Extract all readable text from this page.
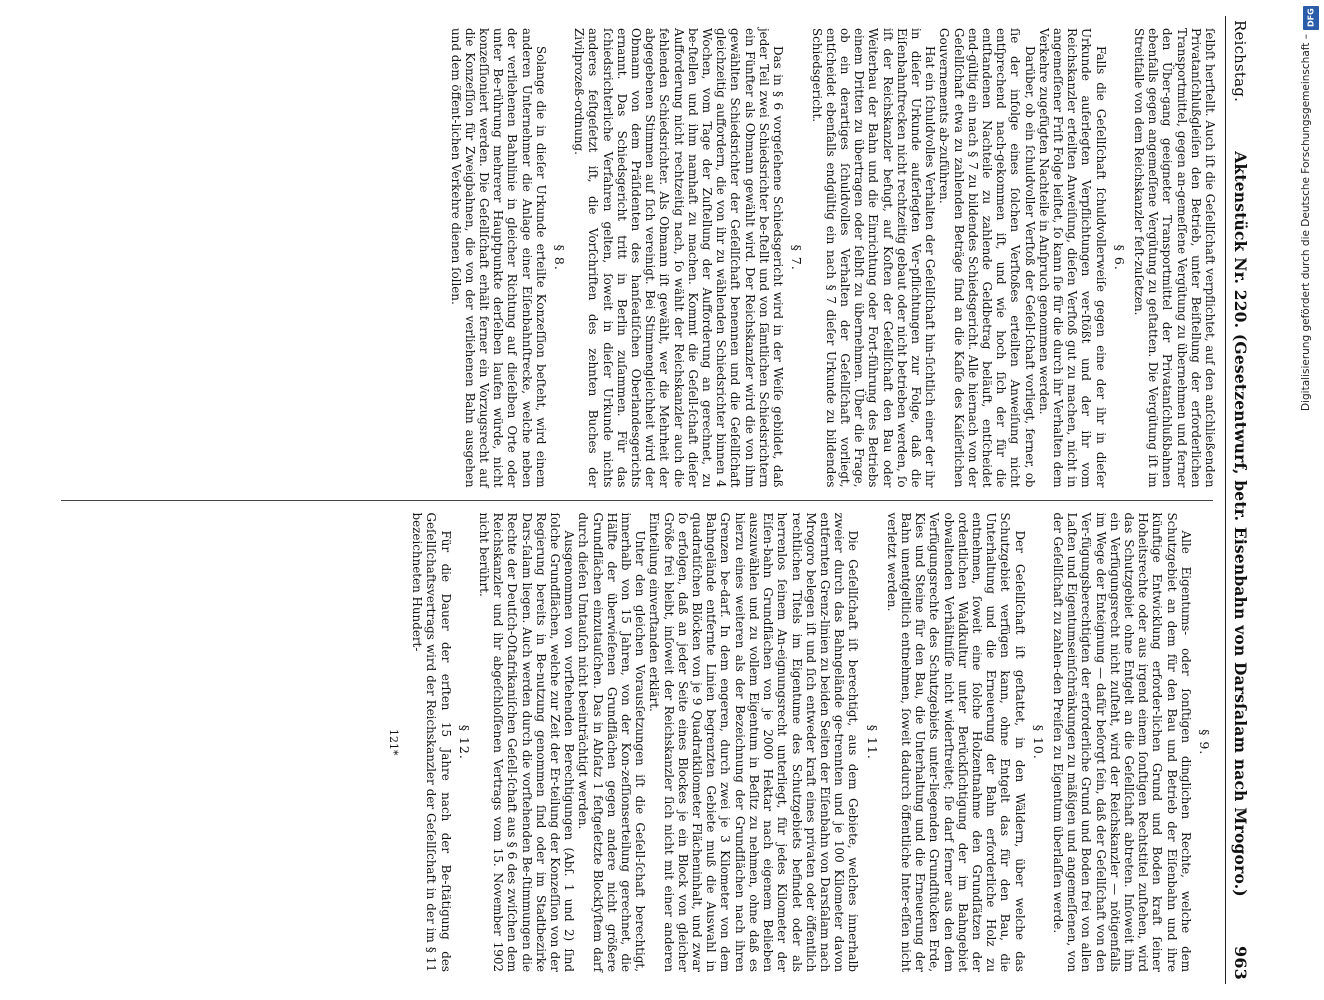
Reichstag.
Aktenstück Nr. 220. (Gesetzentwurf, betr. Eisenbahn von Darsſalam nach Mrogoro.)
963
ſelbſt herſtellt. Auch iſt die Geſellſchaft verpflichtet, auf den anſchließenden Privatanſchlußgleiſen den Betrieb, unter Beiſtellung der erforderlichen Transportmittel, gegen an‑gemeſſene Vergütung zu übernehmen und ferner den Über‑gang geeigneter Transportmittel der Privatanſchlußbahnen ebenfalls gegen angemeſſene Vergütung zu geſtatten. Die Vergütung iſt im Streitfalle von dem Reichskanzler feſt‑zuſetzen.
§ 6.
Falls die Geſellſchaft ſchuldvollerweiſe gegen eine der ihr in dieſer Urkunde auferlegten Verpflichtungen ver‑ſtößt und der ihr vom Reichskanzler erteilten Anweiſung, dieſen Verſtoß gut zu machen, nicht in angemeſſener Friſt Folge leiſtet, ſo kann ſie für die durch ihr Verhalten dem Verkehre zugefügten Nachteile in Anſpruch genommen werden.
Darüber, ob ein ſchuldvoller Verſtoß der Geſell‑ſchaft vorliegt, ferner, ob ſie der infolge eines ſolchen Verſtoßes erteilten Anweiſung nicht entſprechend nach‑gekommen iſt, und wie hoch ſich der für die entſtandenen Nachteile zu zahlende Geldbetrag beläuft, entſcheidet end‑gültig ein nach § 7 zu bildendes Schiedsgericht. Alle hiernach von der Geſellſchaft etwa zu zahlenden Beträge ſind an die Kaſſe des Kaiſerlichen Gouvernements ab‑zuführen.
Hat ein ſchuldvolles Verhalten der Geſellſchaft hin‑ſichtlich einer der ihr in dieſer Urkunde auferlegten Ver‑pflichtungen zur Folge, daß die Eiſenbahnſtrecken nicht rechtzeitig gebaut oder nicht betrieben werden, ſo iſt der Reichskanzler befugt, auf Koſten der Geſellſchaft den Bau oder Weiterbau der Bahn und die Einrichtung oder Fort‑führung des Betriebs einem Dritten zu übertragen oder ſelbſt zu übernehmen. Über die Frage, ob ein derartiges ſchuldvolles Verhalten der Geſellſchaft vorliegt, entſcheidet ebenfalls endgültig ein nach § 7 dieſer Urkunde zu bildendes Schiedsgericht.
§ 7.
Das in § 6 vorgeſehene Schiedsgericht wird in der Weiſe gebildet, daß jeder Teil zwei Schiedsrichter be‑ſtellt und von ſämtlichen Schiedsrichtern ein Fünfter als Obmann gewählt wird. Der Reichskanzler wird die von ihm gewählten Schiedsrichter der Geſellſchaft benennen und die Geſellſchaft gleichzeitig auffordern, die von ihr zu wählenden Schiedsrichter binnen 4 Wochen, vom Tage der Zuſtellung der Aufforderung an gerechnet, zu be‑ſtellen und ihm namhaft zu machen. Kommt die Geſell‑ſchaft dieſer Aufforderung nicht rechtzeitig nach, ſo wählt der Reichskanzler auch die fehlenden Schiedsrichter. Als Obmann iſt gewählt, wer die Mehrheit der abgegebenen Stimmen auf ſich vereinigt. Bei Stimmengleichheit wird der Obmann von dem Präſidenten des hanſeatiſchen Oberlandesgerichts ernannt. Das Schiedsgericht tritt in Berlin zuſammen. Für das ſchiedsrichterliche Verfahren gelten, ſoweit in dieſer Urkunde nichts anderes feſtgeſetzt iſt, die Vorſchriften des zehnten Buches der Zivilprozeß‑ordnung.
§ 8.
Solange die in dieſer Urkunde erteilte Konzeſſion beſteht, wird einem anderen Unternehmer die Anlage einer Eiſenbahnſtrecke, welche neben der verliehenen Bahnlinie in gleicher Richtung auf dieſelben Orte oder unter Be‑rührung mehrerer Hauptpunkte derſelben laufen würde, nicht konzeſſioniert werden. Die Geſellſchaft erhält ferner ein Vorzugsrecht auf die Konzeſſion für Zweigbahnen, die von der verliehenen Bahn ausgehen und dem öffent‑lichen Verkehre dienen ſollen.
§ 9.
Alle Eigentums‑ oder ſonſtigen dinglichen Rechte, welche dem Schutzgebiet an dem für den Bau und Betrieb der Eiſenbahn und ihre künftige Entwicklung erforder‑lichen Grund und Boden kraft ſeiner Hoheitsrechte oder aus irgend einem ſonſtigen Rechtstitel zuſtehen, wird das Schutzgebiet ohne Entgelt an die Geſellſchaft abtreten. Inſoweit ihm ein Verfügungsrecht nicht zuſteht, wird der Reichskanzler — nötigenfalls im Wege der Enteignung — dafür beſorgt ſein, daß der Geſellſchaft von den Ver‑fügungsberechtigten der erforderliche Grund und Boden frei von allen Laſten und Eigentumseinſchränkungen zu mäßigen und angemeſſenen, von der Geſellſchaft zu zahlen‑den Preiſen zu Eigentum überlaſſen werde.
§ 10.
Der Geſellſchaft iſt geſtattet, in den Wäldern, über welche das Schutzgebiet verfügen kann, ohne Entgelt das für den Bau, die Unterhaltung und die Erneuerung der Bahn erforderliche Holz zu entnehmen, ſoweit eine ſolche Holzentnahme den Grundſätzen der ordentlichen Waldkultur unter Berückſichtigung der im Bahngebiet obwaltenden Verhältniſſe nicht widerſtreitet; ſie darf ferner aus den dem Verfügungsrechte des Schutzgebiets unter‑liegenden Grundſtücken Erde, Kies und Steine für den Bau, die Unterhaltung und die Erneuerung der Bahn unentgeltlich entnehmen, ſoweit dadurch öffentliche Inter‑eſſen nicht verletzt werden.
§ 11.
Die Geſellſchaft iſt berechtigt, aus dem Gebiete, welches innerhalb zweier durch das Bahngelände ge‑trennten und je 100 Kilometer davon entfernten Grenz‑linien zu beiden Seiten der Eiſenbahn von Darsſalam nach Mrogoro belegen iſt und ſich entweder kraft eines privaten oder öffentlich rechtlichen Titels im Eigentume des Schutzgebiets befindet oder als herrenlos ſeinem An‑eignungsrecht unterliegt, für jedes Kilometer der Eiſen‑bahn Grundflächen von je 2000 Hektar nach eigenem Belieben auszuwählen und zu vollem Eigentum in Beſitz zu nehmen, ohne daß es hierzu eines weiteren als der Bezeichnung der Grundflächen nach ihren Grenzen be‑darf. In dem engeren, durch zwei je 3 Kilometer von dem Bahngelände entfernte Linien begrenzten Gebiete muß die Auswahl in quadratiſchen Blöcken von je 9 Quadratkilometer Flächeninhalt, und zwar ſo erfolgen, daß an jeder Seite eines Blockes je ein Block von gleicher Größe frei bleibt, inſoweit der Reichskanzler ſich nicht mit einer anderen Einteilung einverſtanden erklärt.
Unter den gleichen Vorausſetzungen iſt die Geſell‑ſchaft berechtigt, innerhalb von 15 Jahren, von der Kon‑zeſſionserteilung gerechnet, die Hälfte der überwieſenen Grundflächen gegen andere nicht größere Grundflächen einzutauſchen. Das in Abſatz 1 feſtgeſetzte Blockſyſtem darf durch dieſen Umtauſch nicht beeinträchtigt werden.
Ausgenommen von vorſtehenden Berechtigungen (Abſ. 1 und 2) ſind ſolche Grundflächen, welche zur Zeit der Er‑teilung der Konzeſſion von der Regierung bereits in Be‑nutzung genommen ſind oder im Stadtbezirke Dars‑ſalam liegen. Auch werden durch die vorſtehenden Be‑ſtimmungen die Rechte der Deutſch‑Oſtafrikaniſchen Geſell‑ſchaft aus § 6 des zwiſchen dem Reichskanzler und ihr abgeſchloſſenen Vertrags vom 15. November 1902 nicht berührt.
§ 12.
Für die Dauer der erſten 15 Jahre nach der Be‑ſtätigung des Geſellſchaftsvertrags wird der Reichskanzler der Geſellſchaft in der im § 11 bezeichneten Hundert‑
121*
DFG
Digitalisierung gefördert durch die Deutsche Forschungsgemeinschaft –
